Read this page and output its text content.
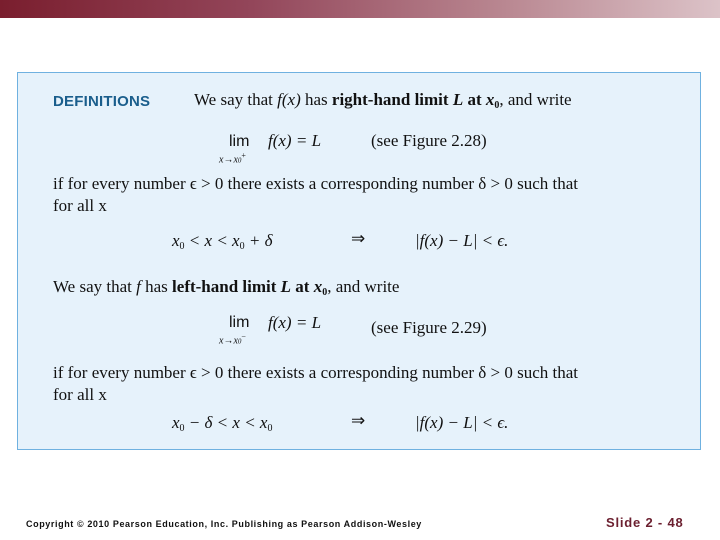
DEFINITIONS	We say that f(x) has right-hand limit L at $x_0$, and write
lim
x→x0+
f(x) = L	(see Figure 2.28)
if for every number ϵ > 0 there exists a corresponding number δ > 0 such that
for all x
$x_0 < x < x_0 + \delta$	⇒	|f(x) − L| < ϵ.
We say that f has left-hand limit L at $x_0$, and write
lim
x→x0−
f(x) = L	(see Figure 2.29)
if for every number ϵ > 0 there exists a corresponding number δ > 0 such that
for all x
$x_0 - \delta < x < x_0$	⇒	|f(x) − L| < ϵ.
Copyright © 2010 Pearson Education, Inc. Publishing as Pearson Addison-Wesley	Slide 2 - 48
